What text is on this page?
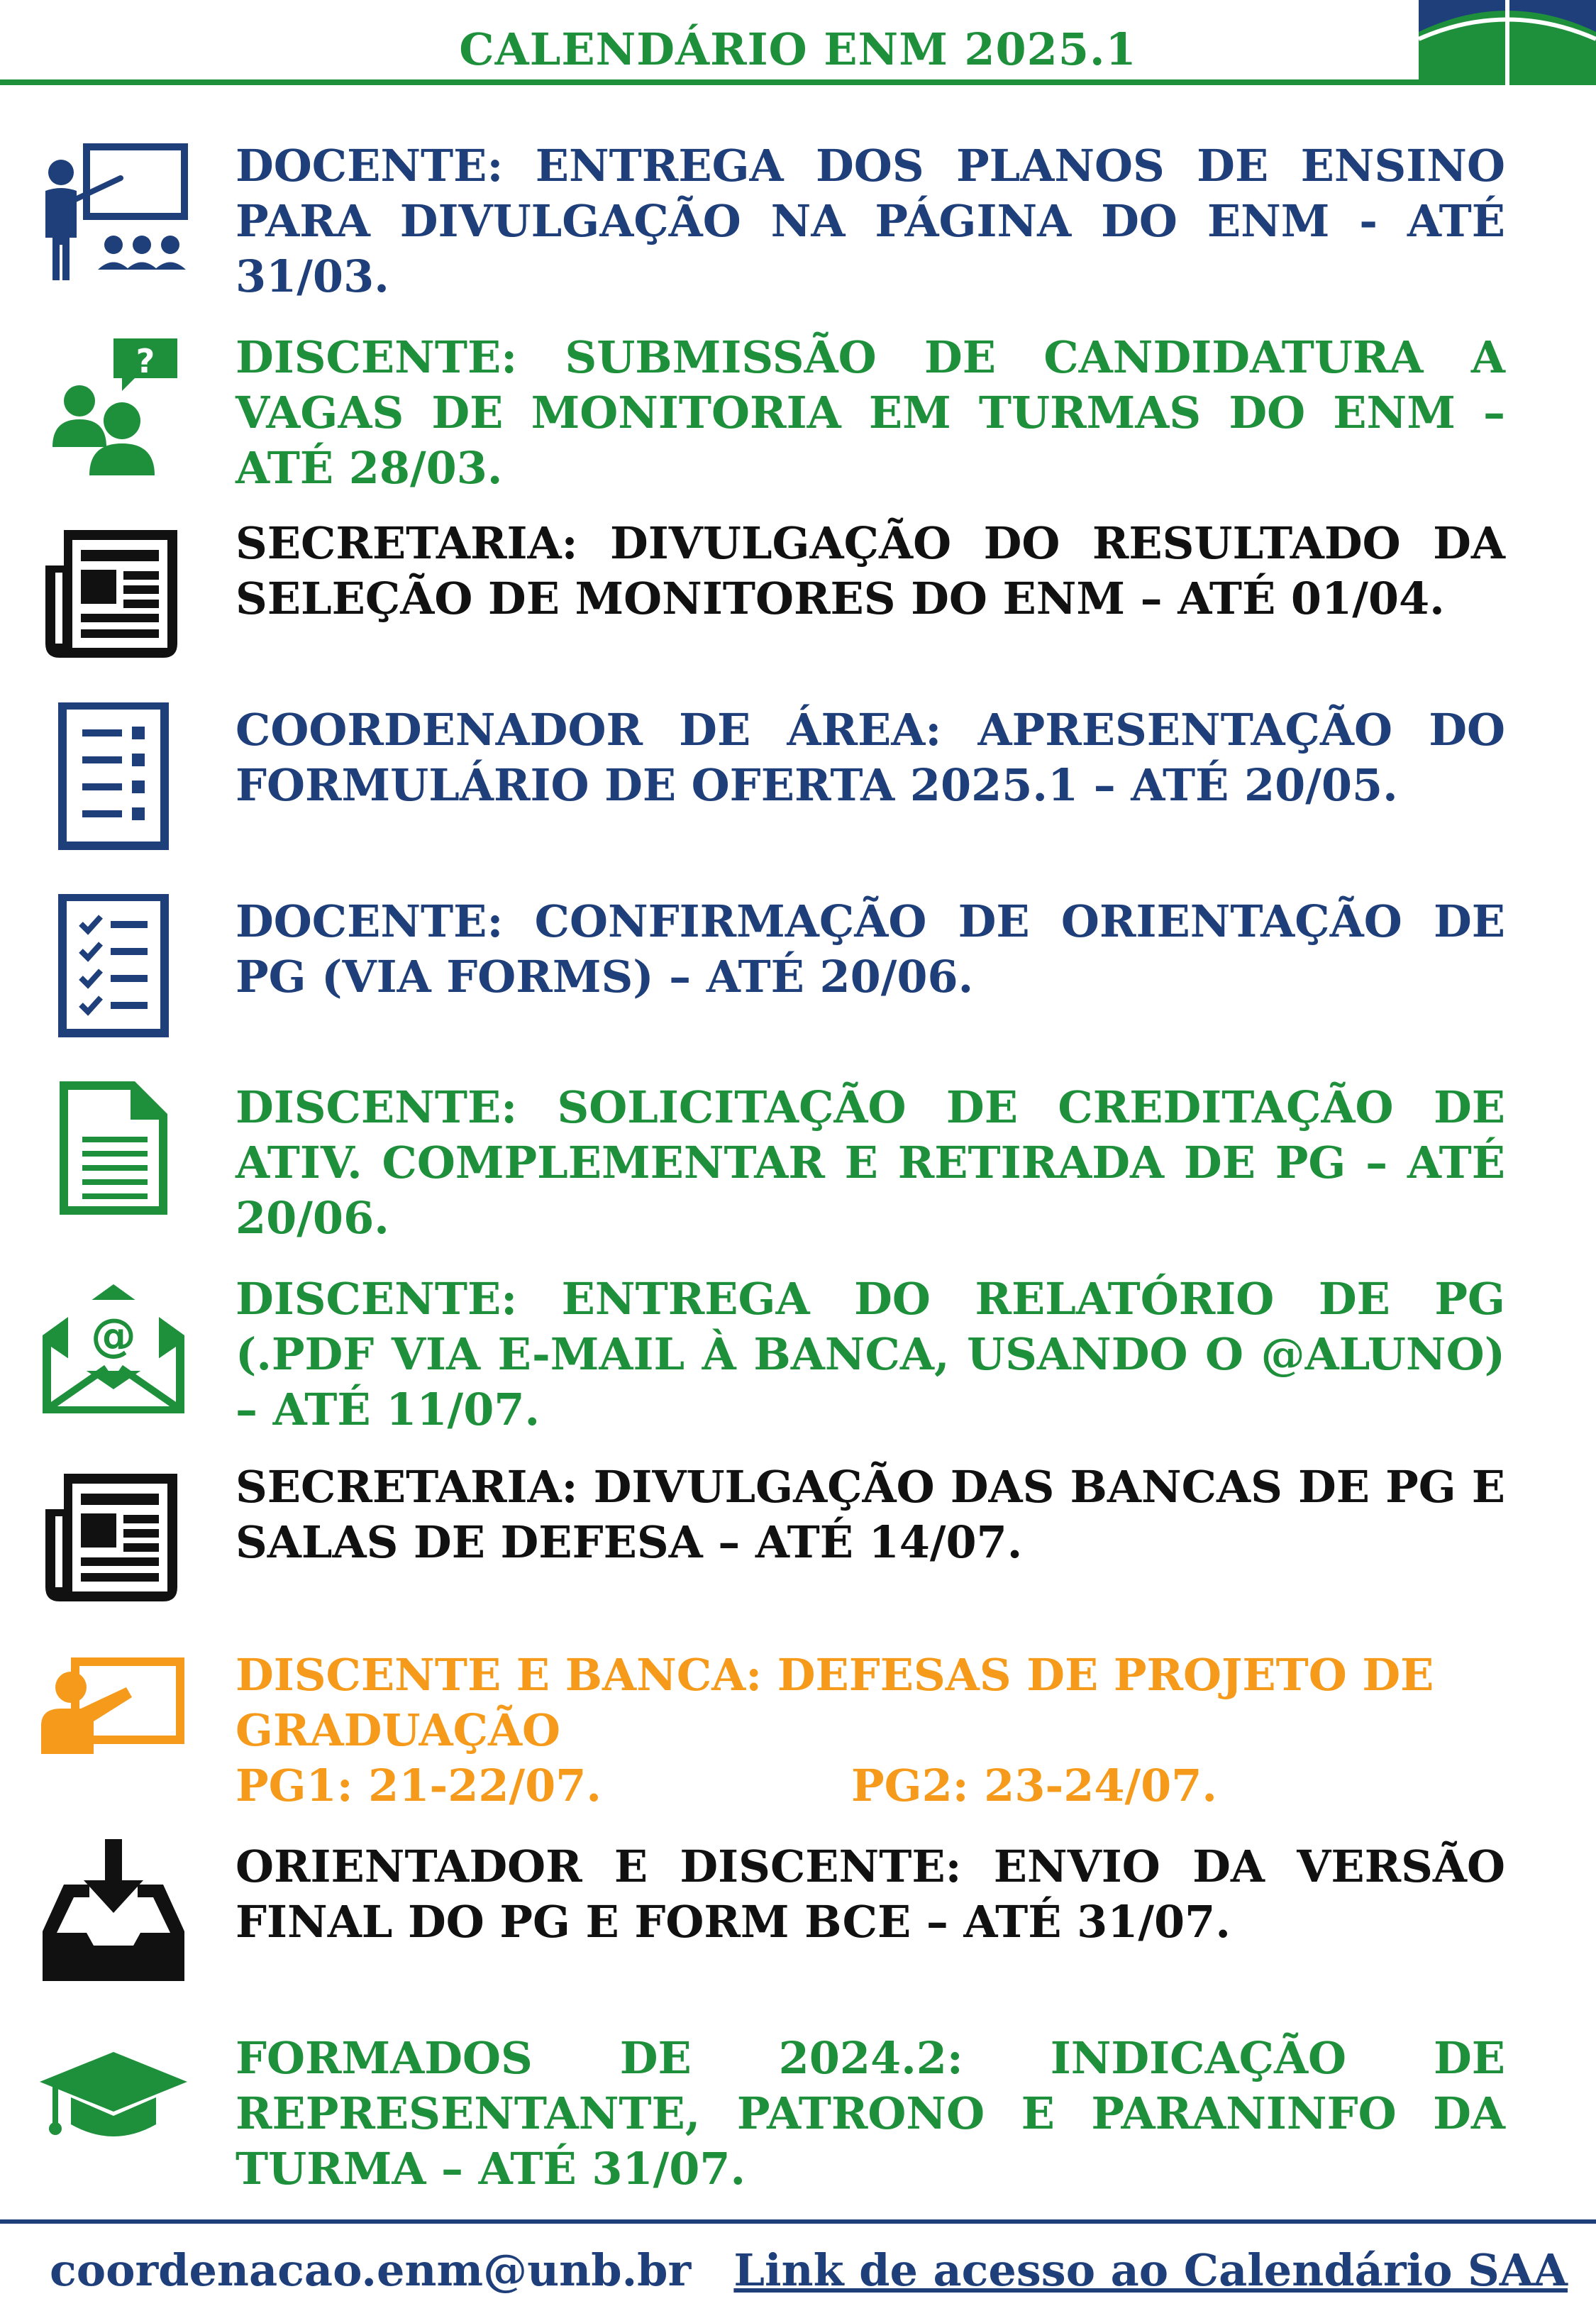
CALENDÁRIO ENM 2025.1

DOCENTE: ENTREGA DOS PLANOS DE ENSINO PARA DIVULGAÇÃO NA PÁGINA DO ENM - ATÉ 31/03.

? DISCENTE: SUBMISSÃO DE CANDIDATURA A VAGAS DE MONITORIA EM TURMAS DO ENM – ATÉ 28/03.

SECRETARIA: DIVULGAÇÃO DO RESULTADO DA SELEÇÃO DE MONITORES DO ENM – ATÉ 01/04.

COORDENADOR DE ÁREA: APRESENTAÇÃO DO FORMULÁRIO DE OFERTA 2025.1 – ATÉ 20/05.

DOCENTE: CONFIRMAÇÃO DE ORIENTAÇÃO DE PG (VIA FORMS) – ATÉ 20/06.

DISCENTE: SOLICITAÇÃO DE CREDITAÇÃO DE ATIV. COMPLEMENTAR E RETIRADA DE PG – ATÉ 20/06.

@

DISCENTE: ENTREGA DO RELATÓRIO DE PG (.PDF VIA E-MAIL À BANCA, USANDO O @ALUNO) – ATÉ 11/07.

SECRETARIA: DIVULGAÇÃO DAS BANCAS DE PG E SALAS DE DEFESA – ATÉ 14/07.

DISCENTE E BANCA: DEFESAS DE PROJETO DE GRADUAÇÃO
PG1: 21-22/07.	PG2: 23-24/07.

ORIENTADOR E DISCENTE: ENVIO DA VERSÃO FINAL DO PG E FORM BCE – ATÉ 31/07.

FORMADOS DE 2024.2: INDICAÇÃO DE REPRESENTANTE, PATRONO E PARANINFO DA TURMA – ATÉ 31/07.

coordenacao.enm@unb.br Link de acesso ao Calendário SAA
